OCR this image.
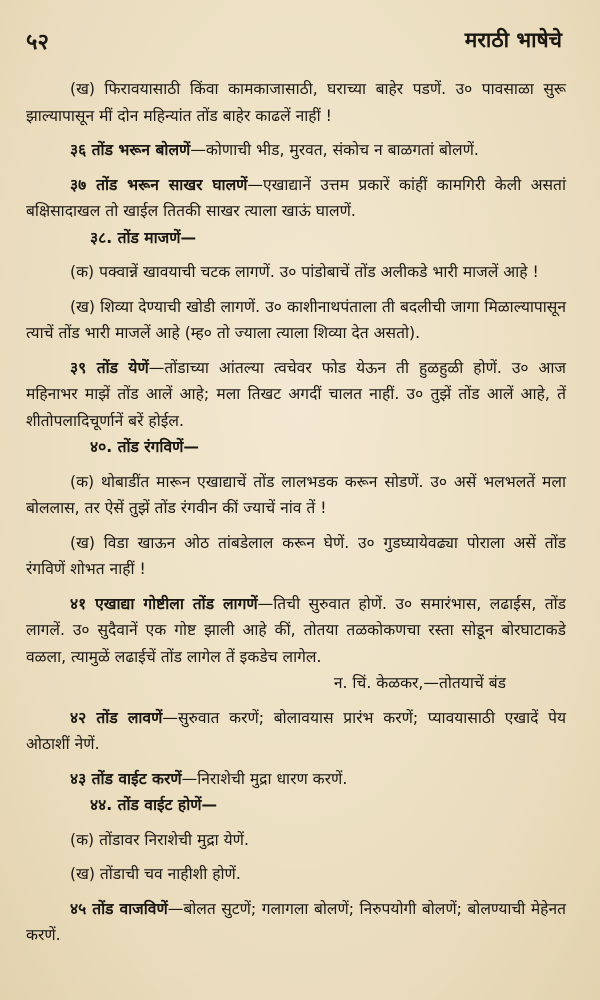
५२	मराठी भाषेचे

(ख) फिरावयासाठी किंवा कामकाजासाठी, घराच्या बाहेर पडणें. उ० पावसाळा सुरू झाल्यापासून मीं दोन महिन्यांत तोंड बाहेर काढलें नाहीं !

३६ तोंड भरून बोलणें—कोणाची भीड, मुरवत, संकोच न बाळगतां बोलणें.

३७ तोंड भरून साखर घालणें—एखाद्यानें उत्तम प्रकारें कांहीं कामगिरी केली असतां बक्षिसादाखल तो खाईल तितकी साखर त्याला खाऊं घालणें.

३८. तोंड माजणें—

(क) पक्वान्नें खावयाची चटक लागणें. उ० पांडोबाचें तोंड अलीकडे भारी माजलें आहे !

(ख) शिव्या देण्याची खोडी लागणें. उ० काशीनाथपंताला ती बदलीची जागा मिळाल्यापासून त्याचें तोंड भारी माजलें आहे (म्ह० तो ज्याला त्याला शिव्या देत असतो).

३९ तोंड येणें—तोंडाच्या आंतल्या त्वचेवर फोड येऊन ती हुळहुळी होणें. उ० आज महिनाभर माझें तोंड आलें आहे; मला तिखट अगदीं चालत नाहीं. उ० तुझें तोंड आलें आहे, तें शीतोपलादिचूर्णानें बरें होईल.

४०. तोंड रंगविणें—

(क) थोबाडींत मारून एखाद्याचें तोंड लालभडक करून सोडणें. उ० असें भलभलतें मला बोललास, तर ऐसें तुझें तोंड रंगवीन कीं ज्याचें नांव तें !

(ख) विडा खाऊन ओठ तांबडेलाल करून घेणें. उ० गुडघ्यायेवढ्या पोराला असें तोंड रंगविणें शोभत नाहीं !

४१ एखाद्या गोष्टीला तोंड लागणें—तिची सुरुवात होणें. उ० समारंभास, लढाईस, तोंड लागलें. उ० सुदैवानें एक गोष्ट झाली आहे कीं, तोतया तळकोकणचा रस्ता सोडून बोरघाटाकडे वळला, त्यामुळें लढाईचें तोंड लागेल तें इकडेच लागेल.

न. चिं. केळकर,—तोतयाचें बंड

४२ तोंड लावणें—सुरुवात करणें; बोलावयास प्रारंभ करणें; प्यावयासाठी एखादें पेय ओठाशीं नेणें.

४३ तोंड वाईट करणें—निराशेची मुद्रा धारण करणें.

४४. तोंड वाईट होणें—

(क) तोंडावर निराशेची मुद्रा येणें.

(ख) तोंडाची चव नाहीशी होणें.

४५ तोंड वाजविणें—बोलत सुटणें; गलागला बोलणें; निरुपयोगी बोलणें; बोलण्याची मेहेनत करणें.
